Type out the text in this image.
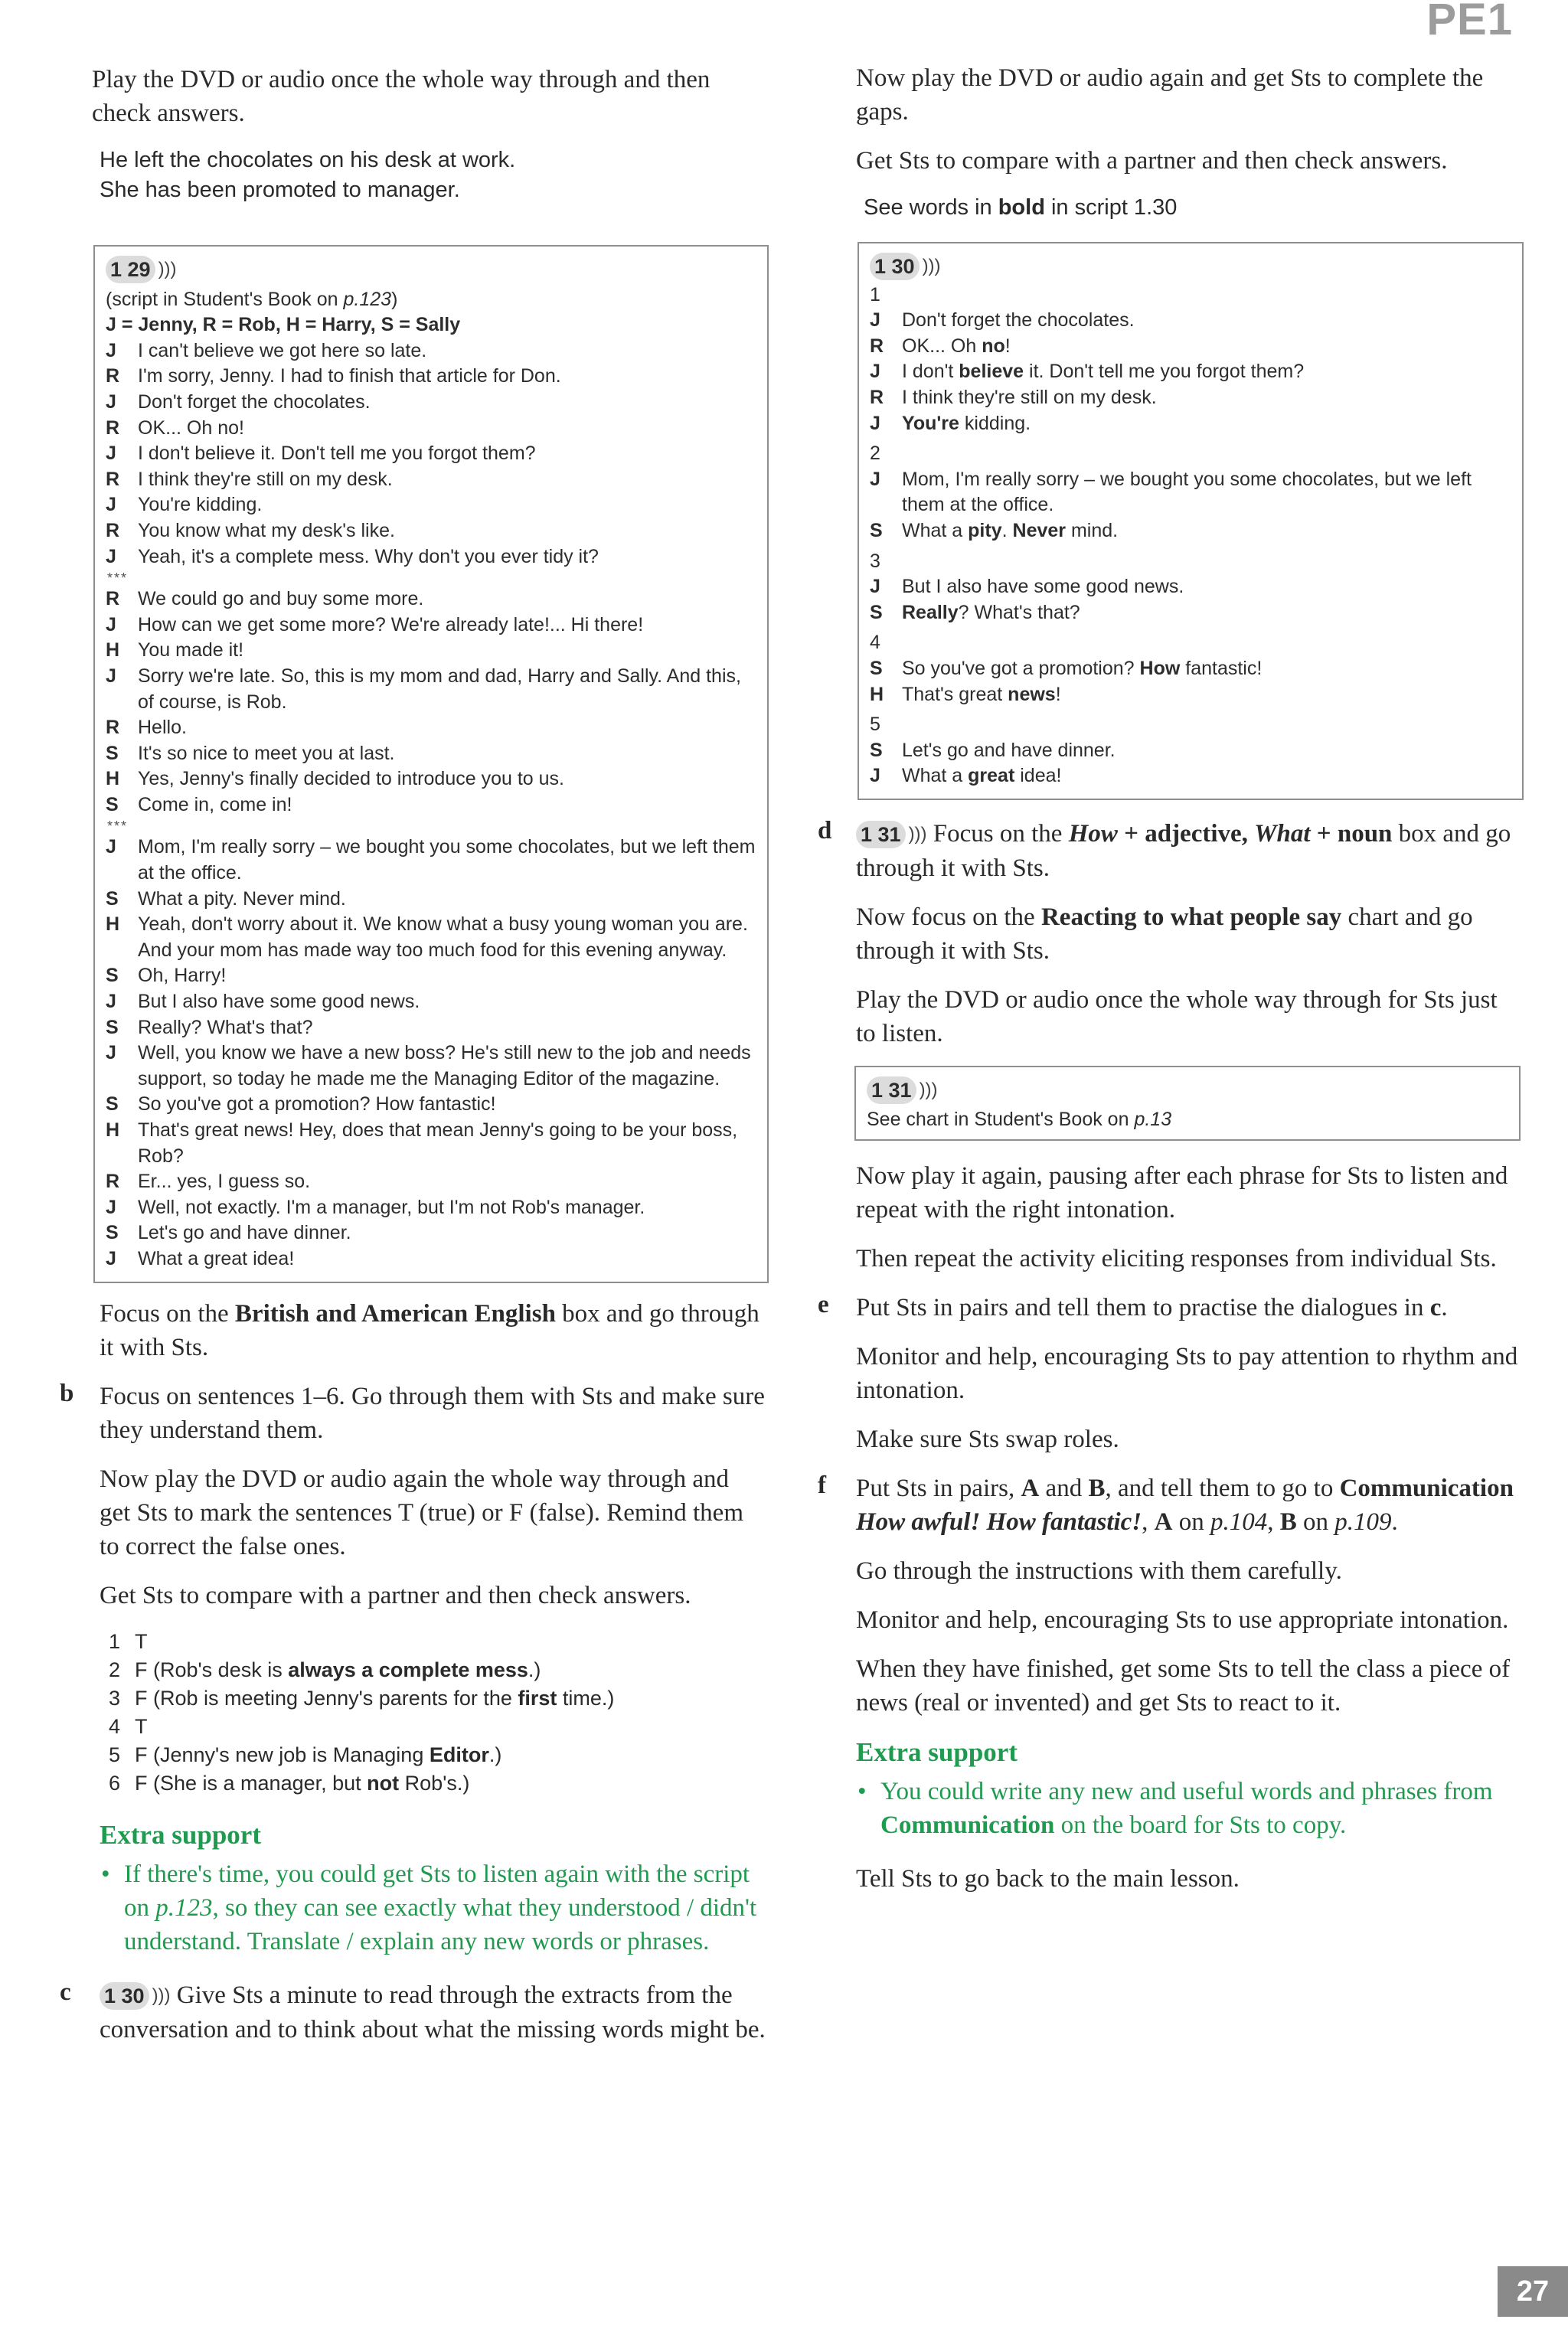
PE1

Play the DVD or audio once the whole way through and then check answers.

He left the chocolates on his desk at work.
She has been promoted to manager.
1 29 )))
(script in Student's Book on p.123)
J = Jenny, R = Rob, H = Harry, S = Sally
J	I can't believe we got here so late.
R I'm sorry, Jenny. I had to finish that article for Don.
J	Don't forget the chocolates.
R OK... Oh no!
J	I don't believe it. Don't tell me you forgot them?
R I think they're still on my desk.
J	You're kidding.
R You know what my desk's like.
J	Yeah, it's a complete mess. Why don't you ever tidy it?
***
R We could go and buy some more.
J	How can we get some more? We're already late!... Hi there!
H You made it!
J	Sorry we're late. So, this is my mom and dad, Harry and Sally. And this, of course, is Rob.
R Hello.
S	It's so nice to meet you at last.
H Yes, Jenny's finally decided to introduce you to us.
S	Come in, come in!
***
J	Mom, I'm really sorry – we bought you some chocolates, but we left them at the office.
S	What a pity. Never mind.
H Yeah, don't worry about it. We know what a busy young woman you are. And your mom has made way too much food for this evening anyway.
S	Oh, Harry!
J	But I also have some good news.
S	Really? What's that?
J	Well, you know we have a new boss? He's still new to the job and needs support, so today he made me the Managing Editor of the magazine.
S	So you've got a promotion? How fantastic!
H That's great news! Hey, does that mean Jenny's going to be your boss, Rob?
R Er... yes, I guess so.
J	Well, not exactly. I'm a manager, but I'm not Rob's manager.
S	Let's go and have dinner.
J	What a great idea!

Focus on the British and American English box and go through it with Sts.

b Focus on sentences 1–6. Go through them with Sts and make sure they understand them.

Now play the DVD or audio again the whole way through and get Sts to mark the sentences T (true) or F (false). Remind them to correct the false ones.

Get Sts to compare with a partner and then check answers.

1 T
2 F (Rob's desk is always a complete mess.)
3 F (Rob is meeting Jenny's parents for the first time.)
4 T
5 F (Jenny's new job is Managing Editor.)
6 F (She is a manager, but not Rob's.)
Extra support
• If there's time, you could get Sts to listen again with the script on p.123, so they can see exactly what they understood / didn't understand. Translate / explain any new words or phrases.
c 1 30 ))) Give Sts a minute to read through the extracts from the conversation and to think about what the missing words might be.

Now play the DVD or audio again and get Sts to complete the gaps.

Get Sts to compare with a partner and then check answers.

See words in bold in script 1.30
1 30 )))
1
J	Don't forget the chocolates.
R OK... Oh no!
J	I don't believe it. Don't tell me you forgot them?
R I think they're still on my desk.
J	You're kidding.
2
J	Mom, I'm really sorry – we bought you some chocolates, but we left them at the office.
S	What a pity. Never mind.
3
J	But I also have some good news.
S	Really? What's that?
4
S	So you've got a promotion? How fantastic!
H That's great news!
5
S	Let's go and have dinner.
J	What a great idea!
d 1 31 ))) Focus on the How + adjective, What + noun box and go through it with Sts.

Now focus on the Reacting to what people say chart and go through it with Sts.

Play the DVD or audio once the whole way through for Sts just to listen.

1 31 )))
See chart in Student's Book on p.13

Now play it again, pausing after each phrase for Sts to listen and repeat with the right intonation.

Then repeat the activity eliciting responses from individual Sts.

e Put Sts in pairs and tell them to practise the dialogues in c.

Monitor and help, encouraging Sts to pay attention to rhythm and intonation.

Make sure Sts swap roles.

f Put Sts in pairs, A and B, and tell them to go to Communication How awful! How fantastic!, A on p.104, B on p.109.

Go through the instructions with them carefully.

Monitor and help, encouraging Sts to use appropriate intonation.

When they have finished, get some Sts to tell the class a piece of news (real or invented) and get Sts to react to it.

Extra support
• You could write any new and useful words and phrases from Communication on the board for Sts to copy.

Tell Sts to go back to the main lesson.

27
